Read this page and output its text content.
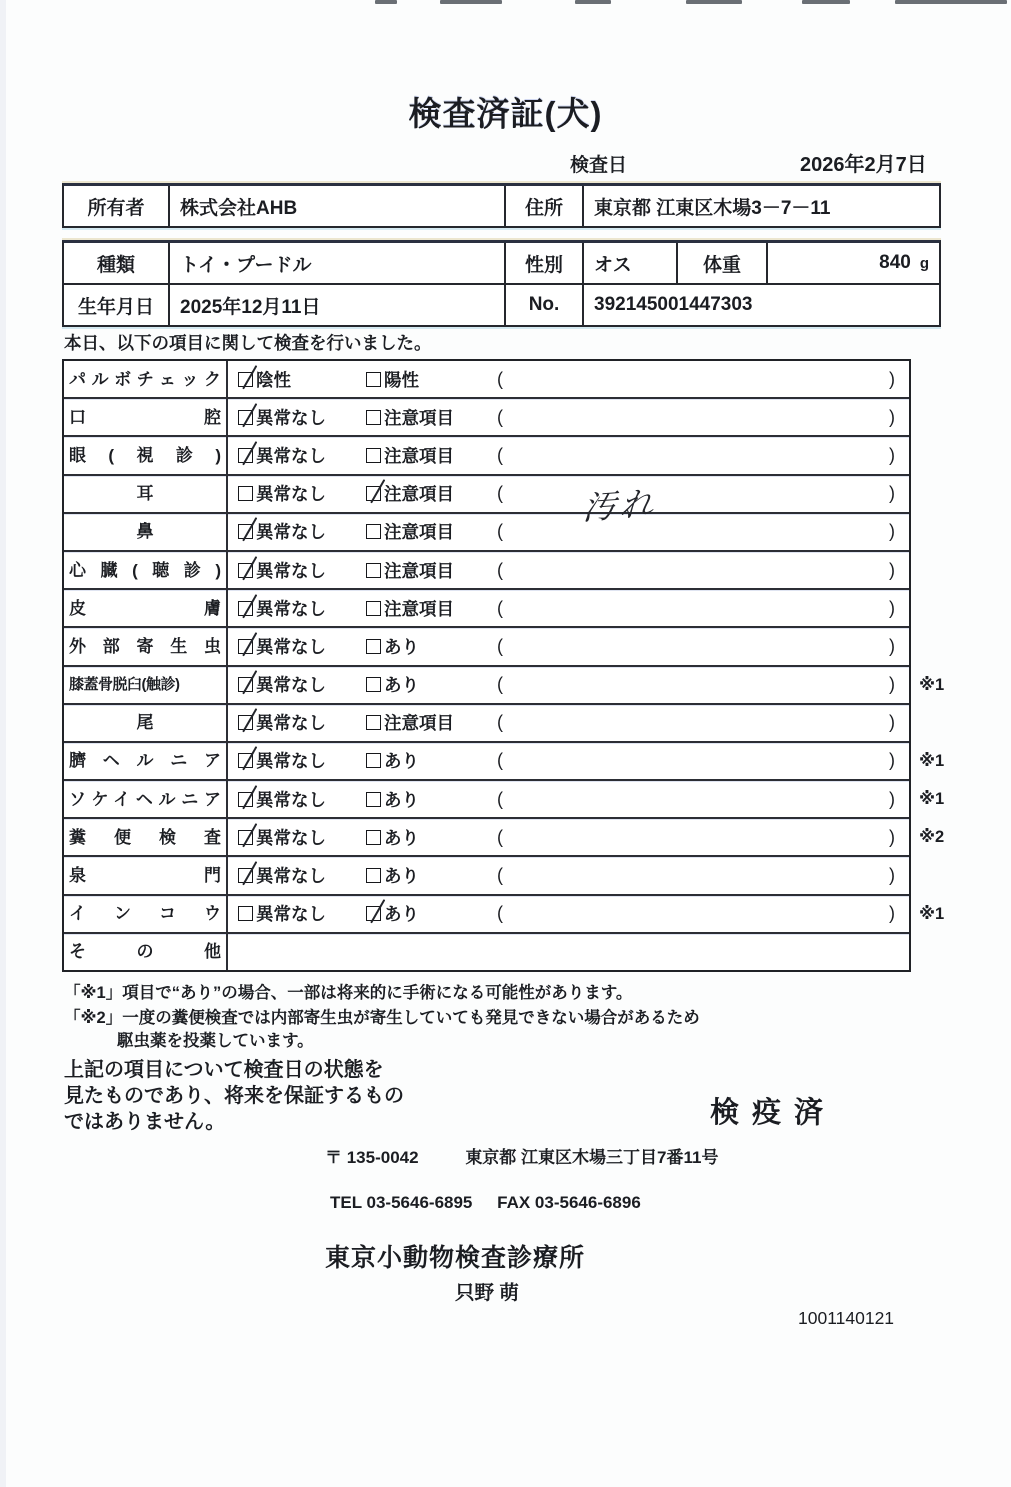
検査済証(犬)
検査日	2026年2月7日
所有者	株式会社AHB	住所	東京都 江東区木場3－7－11
種類	トイ・プードル	性別	オス	体重	840 g
生年月日	2025年12月11日	No.	392145001447303
本日、以下の項目に関して検査を行いました。
パルボチェック 陰性	陽性	(	)
口腔 異常なし	注意項目 (	)
眼(視診) 異常なし	注意項目 (	)
耳	異常なし	注意項目 ( 汚れ	)
鼻	異常なし	注意項目 (	)
心臓(聴診) 異常なし	注意項目 (	)
皮膚 異常なし	注意項目 (	)
外部寄生虫 異常なし	あり	(	)
膝蓋骨脱臼(触診)	異常なし	あり	(	)	※1
尾	異常なし	注意項目 (	)
臍ヘルニア 異常なし	あり	(	)	※1
ソケイヘルニア 異常なし	あり	(	)	※1
糞便検査 異常なし	あり	(	)	※2
泉門 異常なし	あり	(	)
インコウ 異常なし	あり	(	)	※1
その他
「※1」項目で“あり”の場合、一部は将来的に手術になる可能性があります。
「※2」一度の糞便検査では内部寄生虫が寄生していても発見できない場合があるため
駆虫薬を投薬しています。
上記の項目について検査日の状態を
見たものであり、将来を保証するもの
ではありません。	検疫済
〒 135-0042	東京都 江東区木場三丁目7番11号
TEL 03-5646-6895 FAX 03-5646-6896
東京小動物検査診療所
只野 萌
1001140121
